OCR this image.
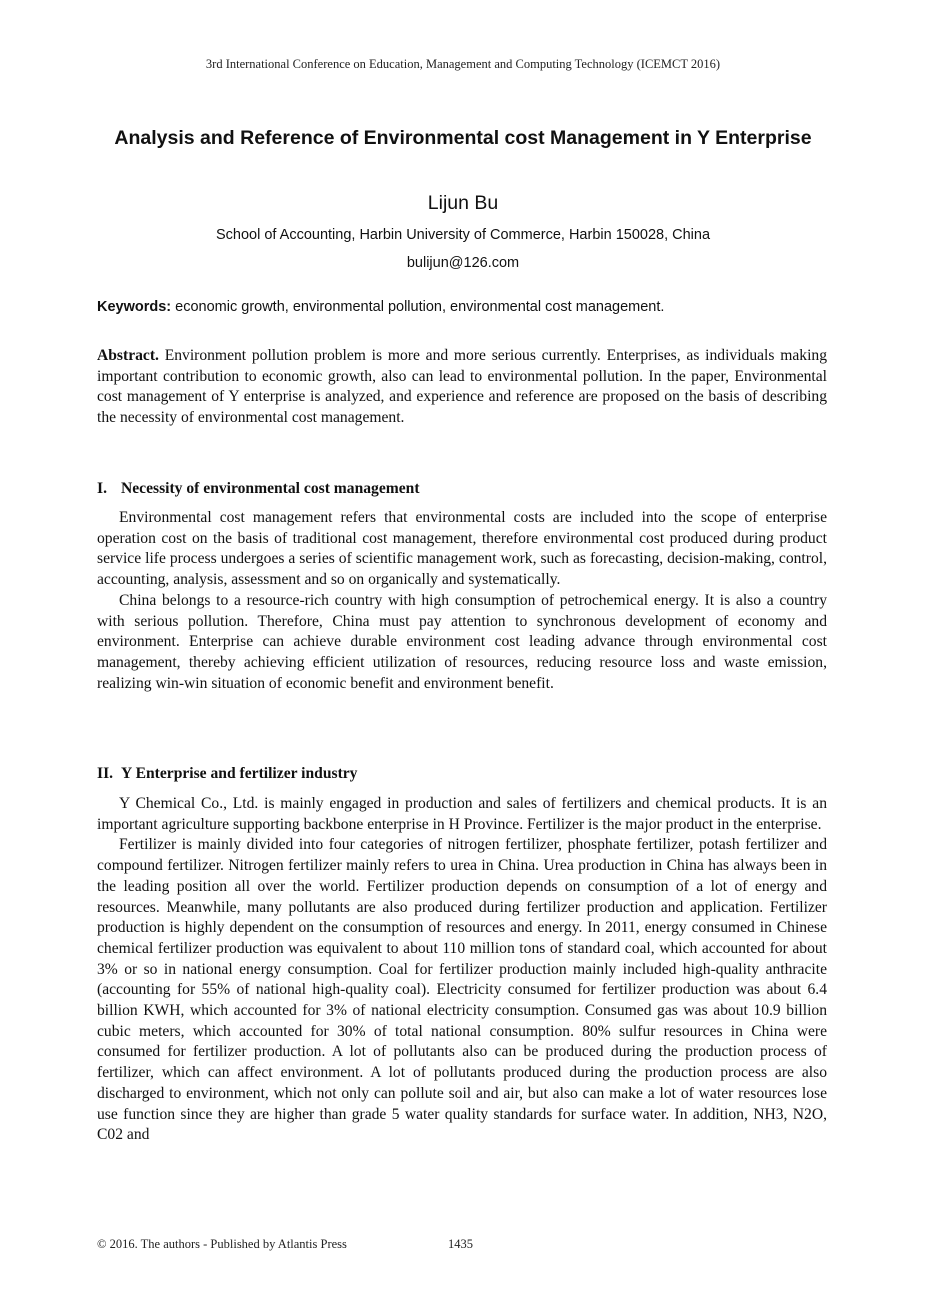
3rd International Conference on Education, Management and Computing Technology (ICEMCT 2016)
Analysis and Reference of Environmental cost Management in Y Enterprise
Lijun Bu
School of Accounting, Harbin University of Commerce, Harbin 150028, China
bulijun@126.com
Keywords: economic growth, environmental pollution, environmental cost management.

Abstract. Environment pollution problem is more and more serious currently. Enterprises, as individuals making important contribution to economic growth, also can lead to environmental pollution. In the paper, Environmental cost management of Y enterprise is analyzed, and experience and reference are proposed on the basis of describing the necessity of environmental cost management.

I. Necessity of environmental cost management

Environmental cost management refers that environmental costs are included into the scope of enterprise operation cost on the basis of traditional cost management, therefore environmental cost produced during product service life process undergoes a series of scientific management work, such as forecasting, decision-making, control, accounting, analysis, assessment and so on organically and systematically.

China belongs to a resource-rich country with high consumption of petrochemical energy. It is also a country with serious pollution. Therefore, China must pay attention to synchronous development of economy and environment. Enterprise can achieve durable environment cost leading advance through environmental cost management, thereby achieving efficient utilization of resources, reducing resource loss and waste emission, realizing win-win situation of economic benefit and environment benefit.

II. Y Enterprise and fertilizer industry

Y Chemical Co., Ltd. is mainly engaged in production and sales of fertilizers and chemical products. It is an important agriculture supporting backbone enterprise in H Province. Fertilizer is the major product in the enterprise.

Fertilizer is mainly divided into four categories of nitrogen fertilizer, phosphate fertilizer, potash fertilizer and compound fertilizer. Nitrogen fertilizer mainly refers to urea in China. Urea production in China has always been in the leading position all over the world. Fertilizer production depends on consumption of a lot of energy and resources. Meanwhile, many pollutants are also produced during fertilizer production and application. Fertilizer production is highly dependent on the consumption of resources and energy. In 2011, energy consumed in Chinese chemical fertilizer production was equivalent to about 110 million tons of standard coal, which accounted for about 3% or so in national energy consumption. Coal for fertilizer production mainly included high-quality anthracite (accounting for 55% of national high-quality coal). Electricity consumed for fertilizer production was about 6.4 billion KWH, which accounted for 3% of national electricity consumption. Consumed gas was about 10.9 billion cubic meters, which accounted for 30% of total national consumption. 80% sulfur resources in China were consumed for fertilizer production. A lot of pollutants also can be produced during the production process of fertilizer, which can affect environment. A lot of pollutants produced during the production process are also discharged to environment, which not only can pollute soil and air, but also can make a lot of water resources lose use function since they are higher than grade 5 water quality standards for surface water. In addition, NH3, N2O, C02 and

© 2016. The authors - Published by Atlantis Press	1435
